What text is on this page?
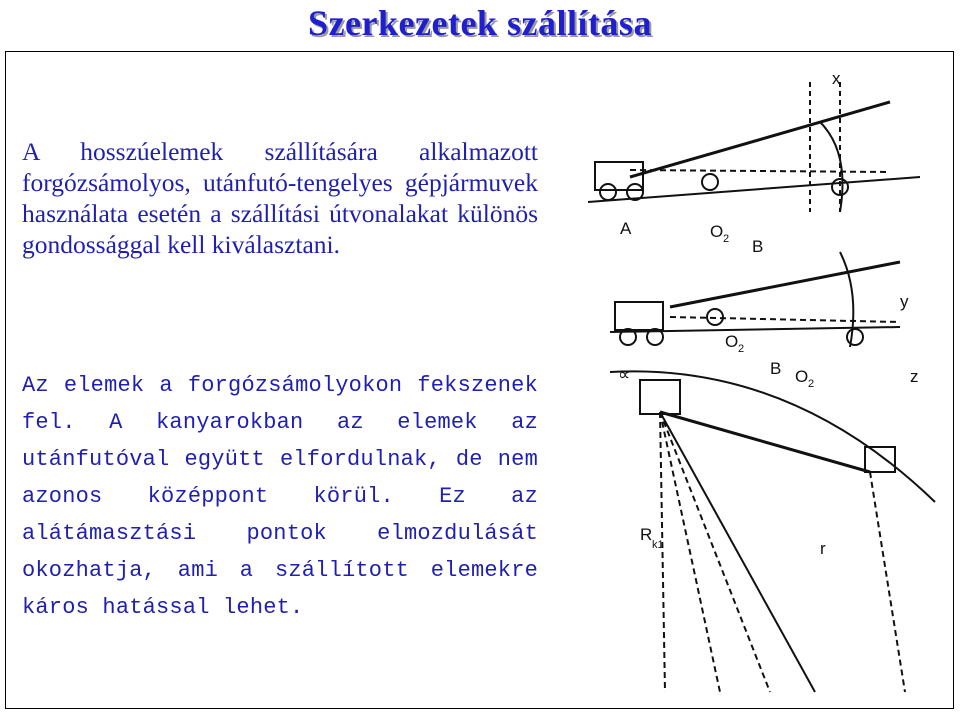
Szerkezetek szállítása

A hosszúelemek szállítására alkalmazott forgózsámolyos, utánfutó-tengelyes gépjármuvek használata esetén a szállítási útvonalakat különös gondossággal kell kiválasztani.

Az elemek a forgózsámolyokon fekszenek fel. A kanyarokban az elemek az utánfutóval együtt elfordulnak, de nem azonos középpont körül. Ez az alátámasztási pontok elmozdulását okozhatja, ami a szállított elemekre káros hatással lehet.

x
A	O 2 B
y
O 2
B O 2	z
∝
R
k1	r
